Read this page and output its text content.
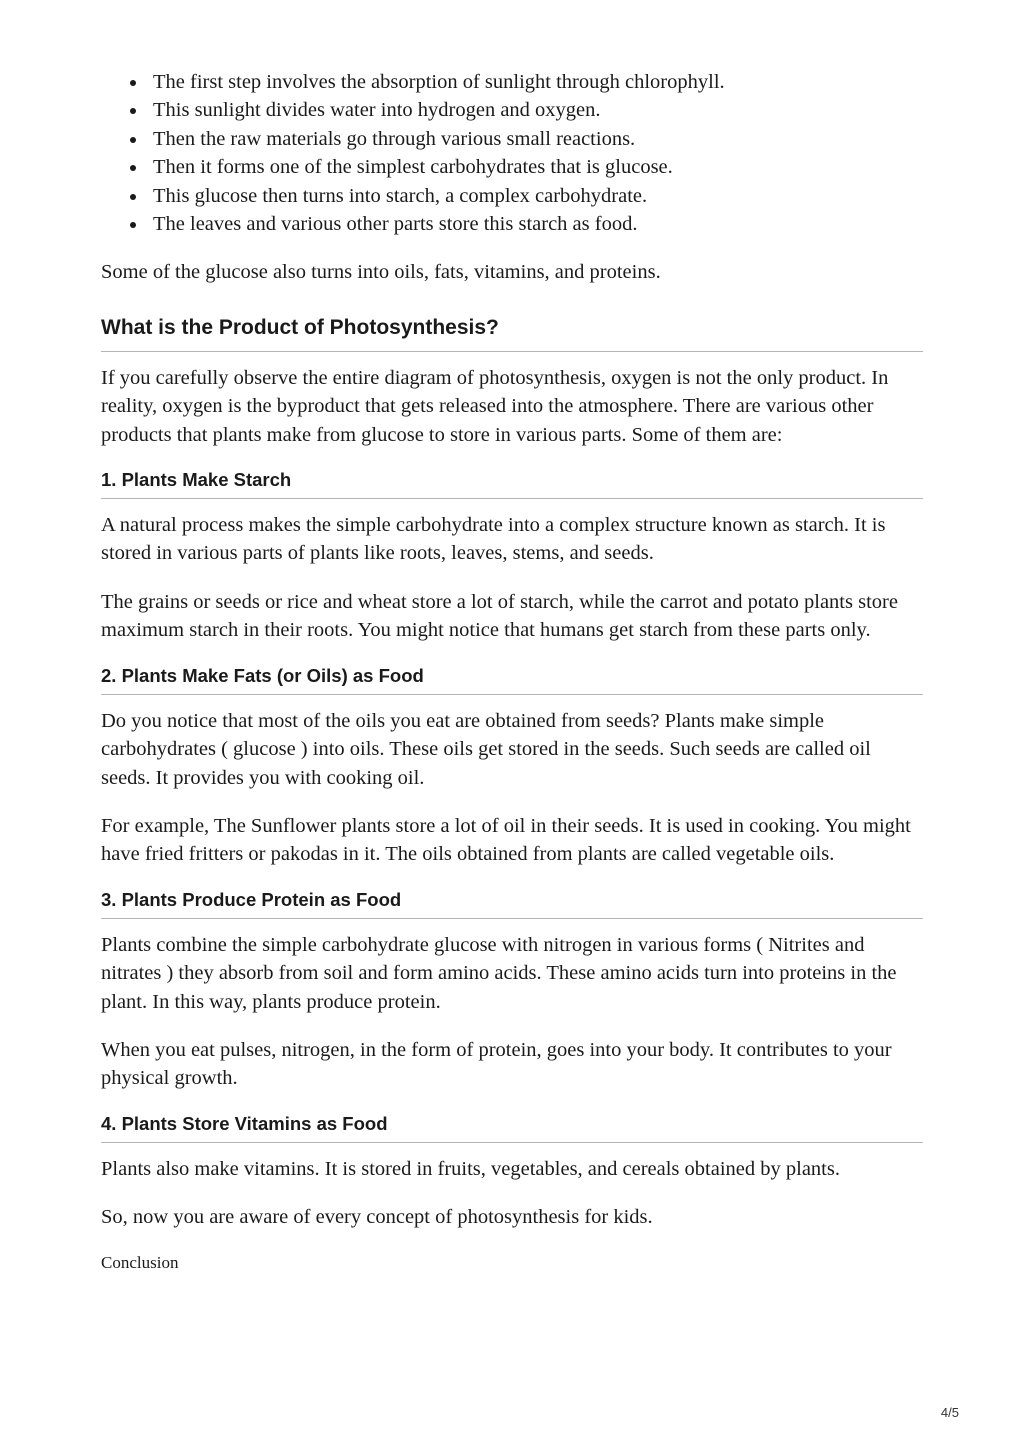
The first step involves the absorption of sunlight through chlorophyll.
This sunlight divides water into hydrogen and oxygen.
Then the raw materials go through various small reactions.
Then it forms one of the simplest carbohydrates that is glucose.
This glucose then turns into starch, a complex carbohydrate.
The leaves and various other parts store this starch as food.

Some of the glucose also turns into oils, fats, vitamins, and proteins.

What is the Product of Photosynthesis?

If you carefully observe the entire diagram of photosynthesis, oxygen is not the only product. In reality, oxygen is the byproduct that gets released into the atmosphere. There are various other products that plants make from glucose to store in various parts. Some of them are:

1. Plants Make Starch

A natural process makes the simple carbohydrate into a complex structure known as starch. It is stored in various parts of plants like roots, leaves, stems, and seeds.

The grains or seeds or rice and wheat store a lot of starch, while the carrot and potato plants store maximum starch in their roots. You might notice that humans get starch from these parts only.

2. Plants Make Fats (or Oils) as Food

Do you notice that most of the oils you eat are obtained from seeds? Plants make simple carbohydrates ( glucose ) into oils. These oils get stored in the seeds. Such seeds are called oil seeds. It provides you with cooking oil.

For example, The Sunflower plants store a lot of oil in their seeds. It is used in cooking. You might have fried fritters or pakodas in it. The oils obtained from plants are called vegetable oils.

3. Plants Produce Protein as Food

Plants combine the simple carbohydrate glucose with nitrogen in various forms ( Nitrites and nitrates ) they absorb from soil and form amino acids. These amino acids turn into proteins in the plant. In this way, plants produce protein.

When you eat pulses, nitrogen, in the form of protein, goes into your body. It contributes to your physical growth.

4. Plants Store Vitamins as Food

Plants also make vitamins. It is stored in fruits, vegetables, and cereals obtained by plants.

So, now you are aware of every concept of photosynthesis for kids.

Conclusion

4/5
